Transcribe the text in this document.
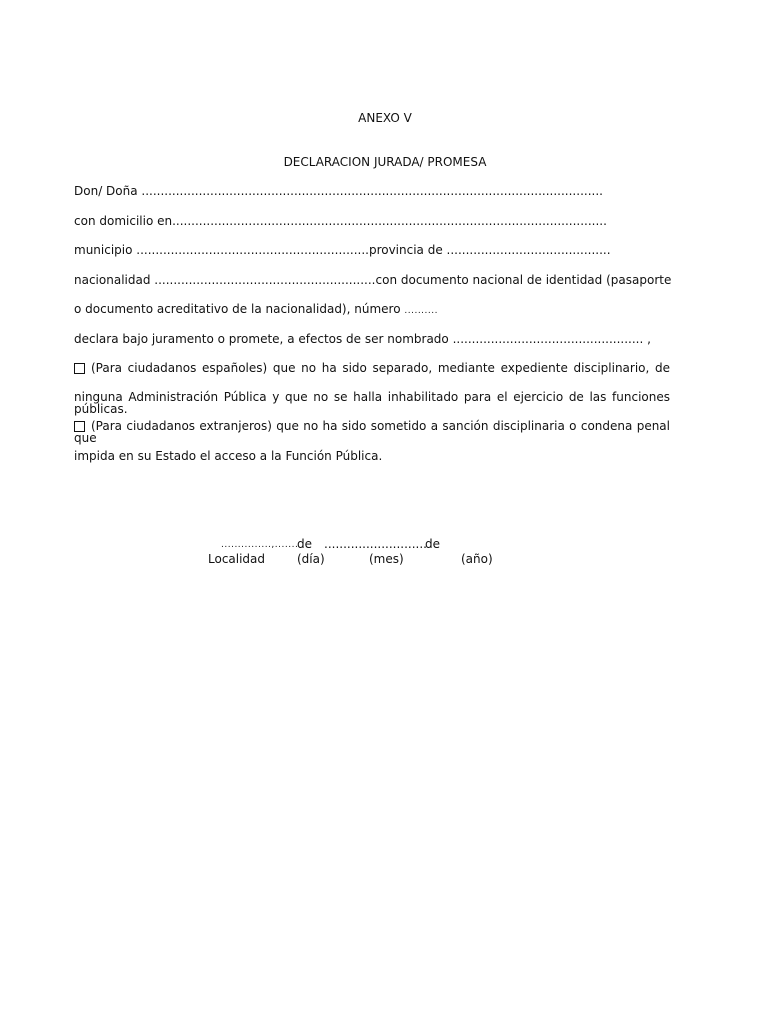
ANEXO V
DECLARACION JURADA/ PROMESA
Don/ Doña .........................................................................................................................
con domicilio en..................................................................................................................
municipio .............................................................provincia de ...........................................
nacionalidad ..........................................................con documento nacional de identidad (pasaporte
o documento acreditativo de la nacionalidad), número ..........
declara bajo juramento o promete, a efectos de ser nombrado .................................................. ,
(Para ciudadanos españoles) que no ha sido separado, mediante expediente disciplinario, de
ninguna Administración Pública y que no se halla inhabilitado para el ejercicio de las funciones públicas.
(Para ciudadanos extranjeros) que no ha sido sometido a sanción disciplinaria o condena penal que
impida en su Estado el acceso a la Función Pública.
...............,.......
de ...........................
de
Localidad	(día)	(mes)	(año)
